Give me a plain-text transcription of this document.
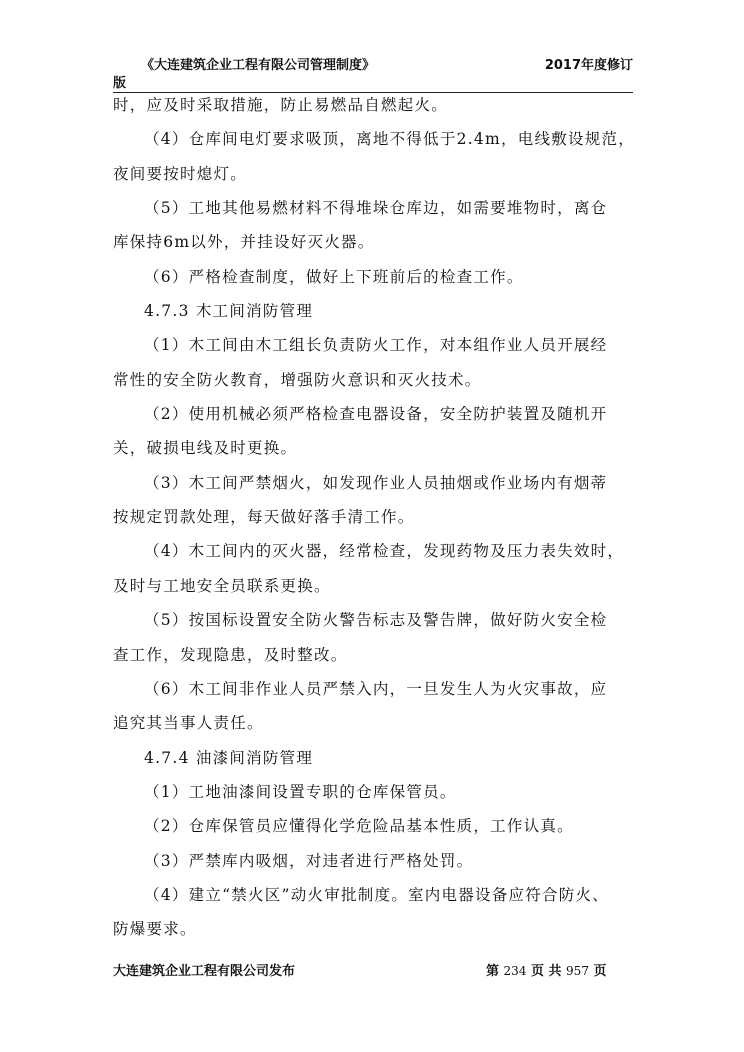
《大连建筑企业工程有限公司管理制度》	2017年度修订
版
时，应及时采取措施，防止易燃品自燃起火。
（4）仓库间电灯要求吸顶，离地不得低于2.4m，电线敷设规范，
夜间要按时熄灯。
（5）工地其他易燃材料不得堆垛仓库边，如需要堆物时，离仓
库保持6m以外，并挂设好灭火器。
（6）严格检查制度，做好上下班前后的检查工作。
4.7.3 木工间消防管理
（1）木工间由木工组长负责防火工作，对本组作业人员开展经
常性的安全防火教育，增强防火意识和灭火技术。
（2）使用机械必须严格检查电器设备，安全防护装置及随机开
关，破损电线及时更换。
（3）木工间严禁烟火，如发现作业人员抽烟或作业场内有烟蒂
按规定罚款处理，每天做好落手清工作。
（4）木工间内的灭火器，经常检查，发现药物及压力表失效时，
及时与工地安全员联系更换。
（5）按国标设置安全防火警告标志及警告牌，做好防火安全检
查工作，发现隐患，及时整改。
（6）木工间非作业人员严禁入内，一旦发生人为火灾事故，应
追究其当事人责任。
4.7.4 油漆间消防管理
（1）工地油漆间设置专职的仓库保管员。
（2）仓库保管员应懂得化学危险品基本性质，工作认真。
（3）严禁库内吸烟，对违者进行严格处罚。
（4）建立“禁火区”动火审批制度。室内电器设备应符合防火、
防爆要求。
大连建筑企业工程有限公司发布	第 234 页 共 957 页
